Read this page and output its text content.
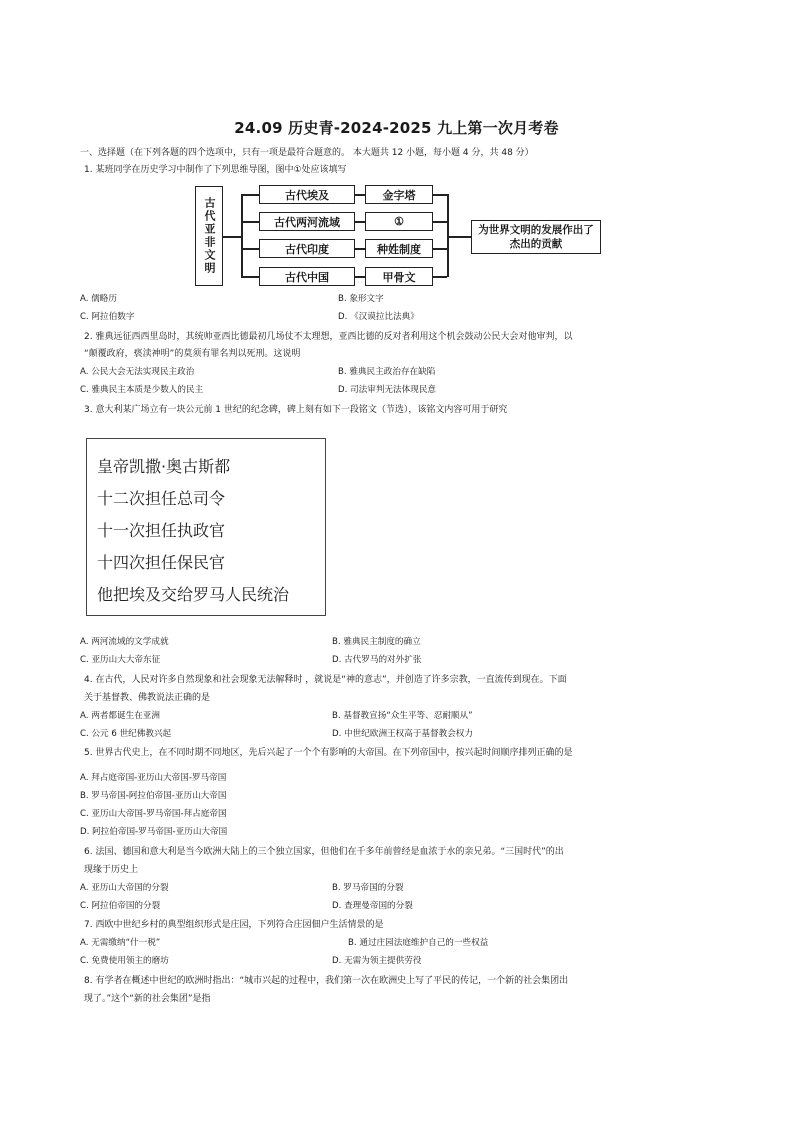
24.09 历史青-2024-2025 九上第一次月考卷
一、选择题（在下列各题的四个选项中，只有一项是最符合题意的。 本大题共 12 小题，每小题 4 分，共 48 分）
1. 某班同学在历史学习中制作了下列思维导图，图中①处应该填写
古代亚非文明
古代埃及
古代两河流域
古代印度
古代中国
金字塔
①
种姓制度
甲骨文
为世界文明的发展作出了杰出的贡献
A. 儒略历	B. 象形文字
C. 阿拉伯数字	D. 《汉谟拉比法典》
2. 雅典远征西西里岛时，其统帅亚西比德最初几场仗不太理想，亚西比德的反对者利用这个机会鼓动公民大会对他审判，以
“颠覆政府，亵渎神明”的莫须有罪名判以死刑。这说明
A. 公民大会无法实现民主政治	B. 雅典民主政治存在缺陷
C. 雅典民主本质是少数人的民主	D. 司法审判无法体现民意
3. 意大利某广场立有一块公元前 1 世纪的纪念碑，碑上刻有如下一段铭文（节选），该铭文内容可用于研究
皇帝凯撒·奥古斯都
十二次担任总司令
十一次担任执政官
十四次担任保民官
他把埃及交给罗马人民统治
A. 两河流域的文学成就	B. 雅典民主制度的确立
C. 亚历山大大帝东征	D. 古代罗马的对外扩张
4. 在古代，人民对许多自然现象和社会现象无法解释时 ，就说是“神的意志”，并创造了许多宗教，一直流传到现在。下面
关于基督教、佛教说法正确的是
A. 两者都诞生在亚洲	B. 基督教宣扬“众生平等、忍耐顺从”
C. 公元 6 世纪佛教兴起	D. 中世纪欧洲王权高于基督教会权力
5. 世界古代史上，在不同时期不同地区，先后兴起了一个个有影响的大帝国。在下列帝国中，按兴起时间顺序排列正确的是
A. 拜占庭帝国-亚历山大帝国-罗马帝国
B. 罗马帝国-阿拉伯帝国-亚历山大帝国
C. 亚历山大帝国-罗马帝国-拜占庭帝国
D. 阿拉伯帝国-罗马帝国-亚历山大帝国
6. 法国、德国和意大利是当今欧洲大陆上的三个独立国家，但他们在千多年前曾经是血浓于水的亲兄弟。“三国时代”的出
现缘于历史上
A. 亚历山大帝国的分裂	B. 罗马帝国的分裂
C. 阿拉伯帝国的分裂	D. 查理曼帝国的分裂
7. 西欧中世纪乡村的典型组织形式是庄园，下列符合庄园佃户生活情景的是
A. 无需缴纳“什一税”	B. 通过庄园法庭维护自己的一些权益
C. 免费使用领主的磨坊	D. 无需为领主提供劳役
8. 有学者在概述中世纪的欧洲时指出：“城市兴起的过程中，我们第一次在欧洲史上写了平民的传记，一个新的社会集团出
现了。”这个“新的社会集团”是指
